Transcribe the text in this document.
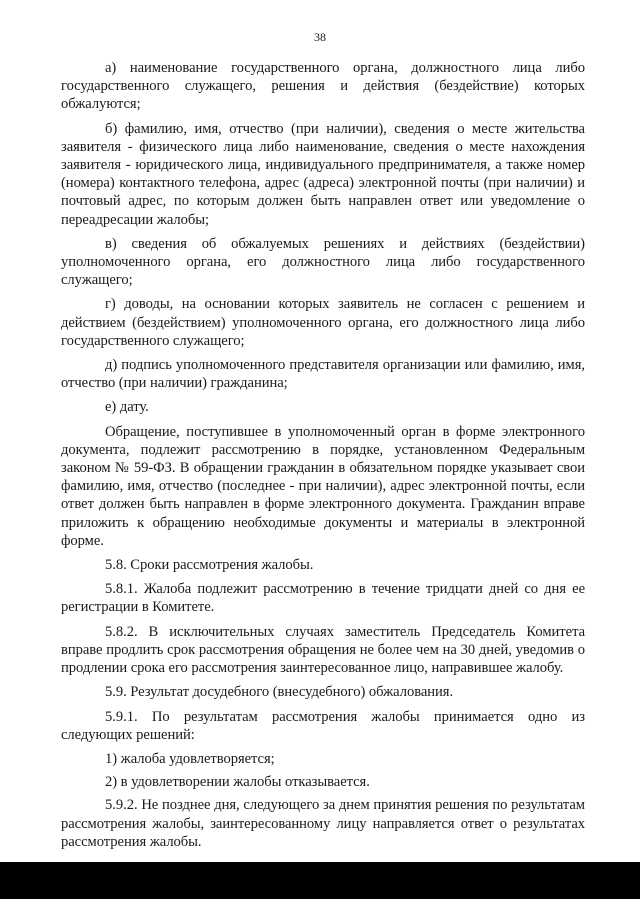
38

а) наименование государственного органа, должностного лица либо государственного служащего, решения и действия (бездействие) которых обжалуются;

б) фамилию, имя, отчество (при наличии), сведения о месте жительства заявителя - физического лица либо наименование, сведения о месте нахождения заявителя - юридического лица, индивидуального предпринимателя, а также номер (номера) контактного телефона, адрес (адреса) электронной почты (при наличии) и почтовый адрес, по которым должен быть направлен ответ или уведомление о переадресации жалобы;

в) сведения об обжалуемых решениях и действиях (бездействии) уполномоченного органа, его должностного лица либо государственного служащего;

г) доводы, на основании которых заявитель не согласен с решением и действием (бездействием) уполномоченного органа, его должностного лица либо государственного служащего;

д) подпись уполномоченного представителя организации или фамилию, имя, отчество (при наличии) гражданина;

е) дату.

Обращение, поступившее в уполномоченный орган в форме электронного документа, подлежит рассмотрению в порядке, установленном Федеральным законом № 59-ФЗ. В обращении гражданин в обязательном порядке указывает свои фамилию, имя, отчество (последнее - при наличии), адрес электронной почты, если ответ должен быть направлен в форме электронного документа. Гражданин вправе приложить к обращению необходимые документы и материалы в электронной форме.

5.8. Сроки рассмотрения жалобы.

5.8.1. Жалоба подлежит рассмотрению в течение тридцати дней со дня ее регистрации в Комитете.

5.8.2. В исключительных случаях заместитель Председатель Комитета вправе продлить срок рассмотрения обращения не более чем на 30 дней, уведомив о продлении срока его рассмотрения заинтересованное лицо, направившее жалобу.

5.9. Результат досудебного (внесудебного) обжалования.

5.9.1. По результатам рассмотрения жалобы принимается одно из следующих решений:

1) жалоба удовлетворяется;

2) в удовлетворении жалобы отказывается.

5.9.2. Не позднее дня, следующего за днем принятия решения по результатам рассмотрения жалобы, заинтересованному лицу направляется ответ о результатах рассмотрения жалобы.
